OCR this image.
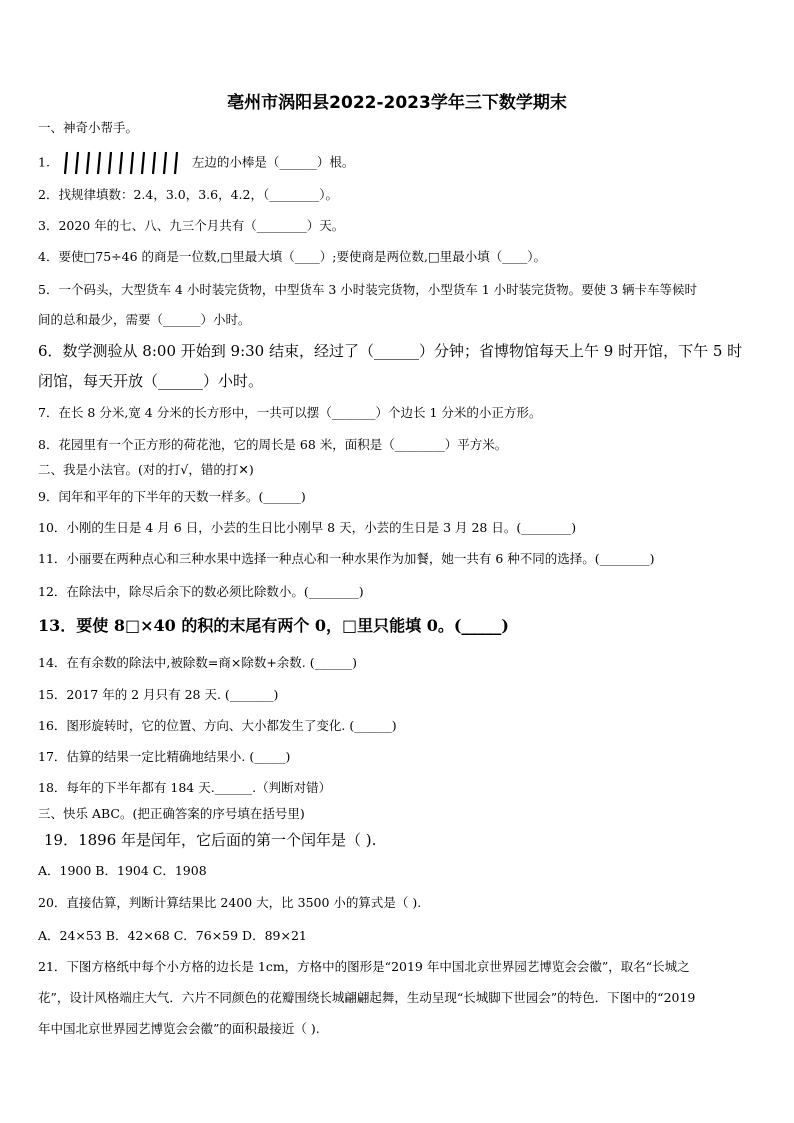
亳州市涡阳县2022-2023学年三下数学期末
一、神奇小帮手。
1.	左边的小棒是（______）根。
2．找规律填数：2.4，3.0，3.6，4.2，（________）。
3．2020 年的七、八、九三个月共有（________）天。
4．要使□75÷46 的商是一位数,□里最大填（____）;要使商是两位数,□里最小填（____）。
5．一个码头，大型货车 4 小时装完货物，中型货车 3 小时装完货物，小型货车 1 小时装完货物。要使 3 辆卡车等候时
间的总和最少，需要（______）小时。
6．数学测验从 8:00 开始到 9:30 结束，经过了（______）分钟；省博物馆每天上午 9 时开馆，下午 5 时
闭馆，每天开放（______）小时。
7．在长 8 分米,宽 4 分米的长方形中，一共可以摆（_______）个边长 1 分米的小正方形。
8．花园里有一个正方形的荷花池，它的周长是 68 米，面积是（________）平方米。
二、我是小法官。(对的打√，错的打✕)
9．闰年和平年的下半年的天数一样多。(______)
10．小刚的生日是 4 月 6 日，小芸的生日比小刚早 8 天，小芸的生日是 3 月 28 日。(________)
11．小丽要在两种点心和三种水果中选择一种点心和一种水果作为加餐，她一共有 6 种不同的选择。(________)
12．在除法中，除尽后余下的数必须比除数小。(________)
13．要使 8□×40 的积的末尾有两个 0，□里只能填 0。(_____)
14．在有余数的除法中,被除数=商×除数+余数. (______)
15．2017 年的 2 月只有 28 天. (_______)
16．图形旋转时，它的位置、方向、大小都发生了变化. (______)
17．估算的结果一定比精确地结果小. (_____)
18．每年的下半年都有 184 天.______.（判断对错）
三、快乐 ABC。(把正确答案的序号填在括号里)
19．1896 年是闰年，它后面的第一个闰年是（ ).
A．1900 B．1904 C．1908
20．直接估算，判断计算结果比 2400 大，比 3500 小的算式是（ ).
A．24×53 B．42×68 C．76×59 D．89×21
21．下图方格纸中每个小方格的边长是 1cm，方格中的图形是“2019 年中国北京世界园艺博览会会徽”，取名“长城之
花”，设计风格端庄大气．六片不同颜色的花瓣围绕长城翩翩起舞，生动呈现“长城脚下世园会”的特色．下图中的“2019
年中国北京世界园艺博览会会徽”的面积最接近（ ).
